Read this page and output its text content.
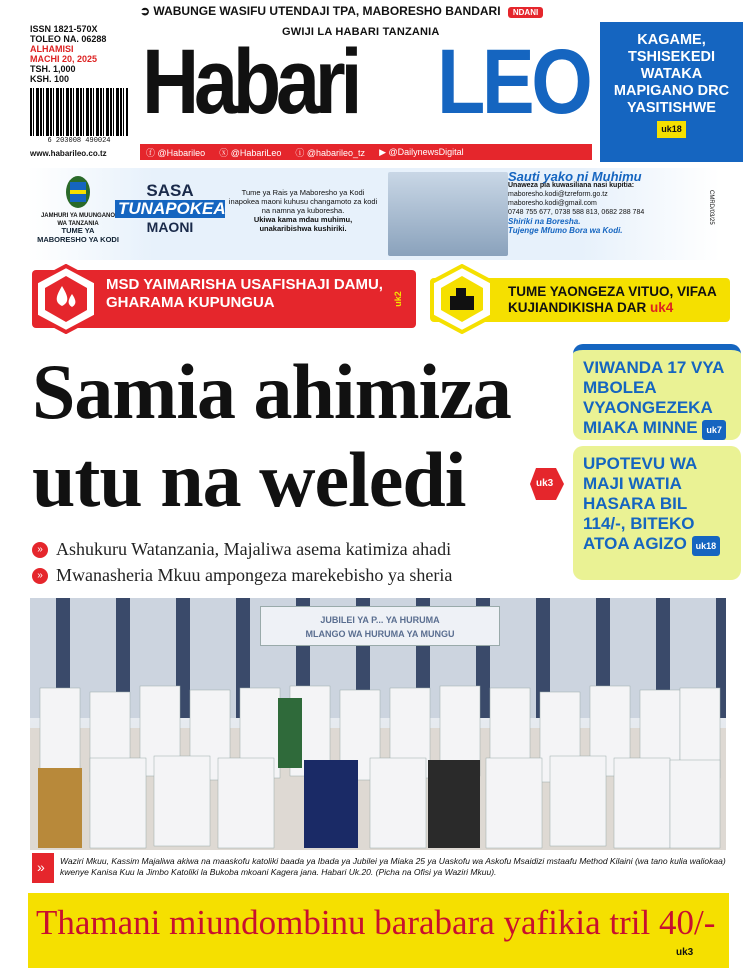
ISSN 1821-570X
TOLEO NA. 06288
ALHAMISI
MACHI 20, 2025
TSH. 1,000
KSH. 100
6 203008 490024
www.habarileo.co.tz
➲ WABUNGE WASIFU UTENDAJI TPA, MABORESHO BANDARI NDANI
GWIJI LA HABARI TANZANIA
Habari LEO
ⓕ @Habarileo ⓧ @HabariLeo ⓘ @habarileo_tz ▶ @DailynewsDigital
KAGAME, TSHISEKEDI WATAKA MAPIGANO DRC YASITISHWE
uk18
JAMHURI YA MUUNGANO WA TANZANIA
TUME YA MABORESHO YA KODI
SASA
TUNAPOKEA
MAONI
Tume ya Rais ya Maboresho ya Kodi inapokea maoni kuhusu changamoto za kodi na namna ya kuboresha.
Ukiwa kama mdau muhimu, unakaribishwa kushiriki.
Sauti yako ni Muhimu
Unaweza pia kuwasiliana nasi kupitia:
maboresho.kodi@tzreform.go.tz
maboresho.kodi@gmail.com
0748 755 677, 0738 588 813, 0682 288 784
Shiriki na Boresha.
Tujenge Mfumo Bora wa Kodi.
CMRD/03/25
MSD YAIMARISHA USAFISHAJI DAMU, GHARAMA KUPUNGUA	uk2	TUME YAONGEZA VITUO, VIFAA KUJIANDIKISHA DAR uk4
Samia ahimiza
utu na weledi	uk3
» Ashukuru Watanzania, Majaliwa asema katimiza ahadi
» Mwanasheria Mkuu ampongeza marekebisho ya sheria
VIWANDA 17 VYA MBOLEA VYAONGEZEKA MIAKA MINNE uk7
UPOTEVU WA MAJI WATIA HASARA BIL 114/-, BITEKO ATOA AGIZO uk18
JUBILEI YA P... YA HURUMA
MLANGO WA HURUMA YA MUNGU
» Waziri Mkuu, Kassim Majaliwa akiwa na maaskofu katoliki baada ya Ibada ya Jubilei ya Miaka 25 ya Uaskofu wa Askofu Msaidizi mstaafu Method Kilaini (wa tano kulia waliokaa) kwenye Kanisa Kuu la Jimbo Katoliki la Bukoba mkoani Kagera jana. Habari Uk.20. (Picha na Ofisi ya Waziri Mkuu).
Thamani miundombinu barabara yafikia tril 40/-
uk3
